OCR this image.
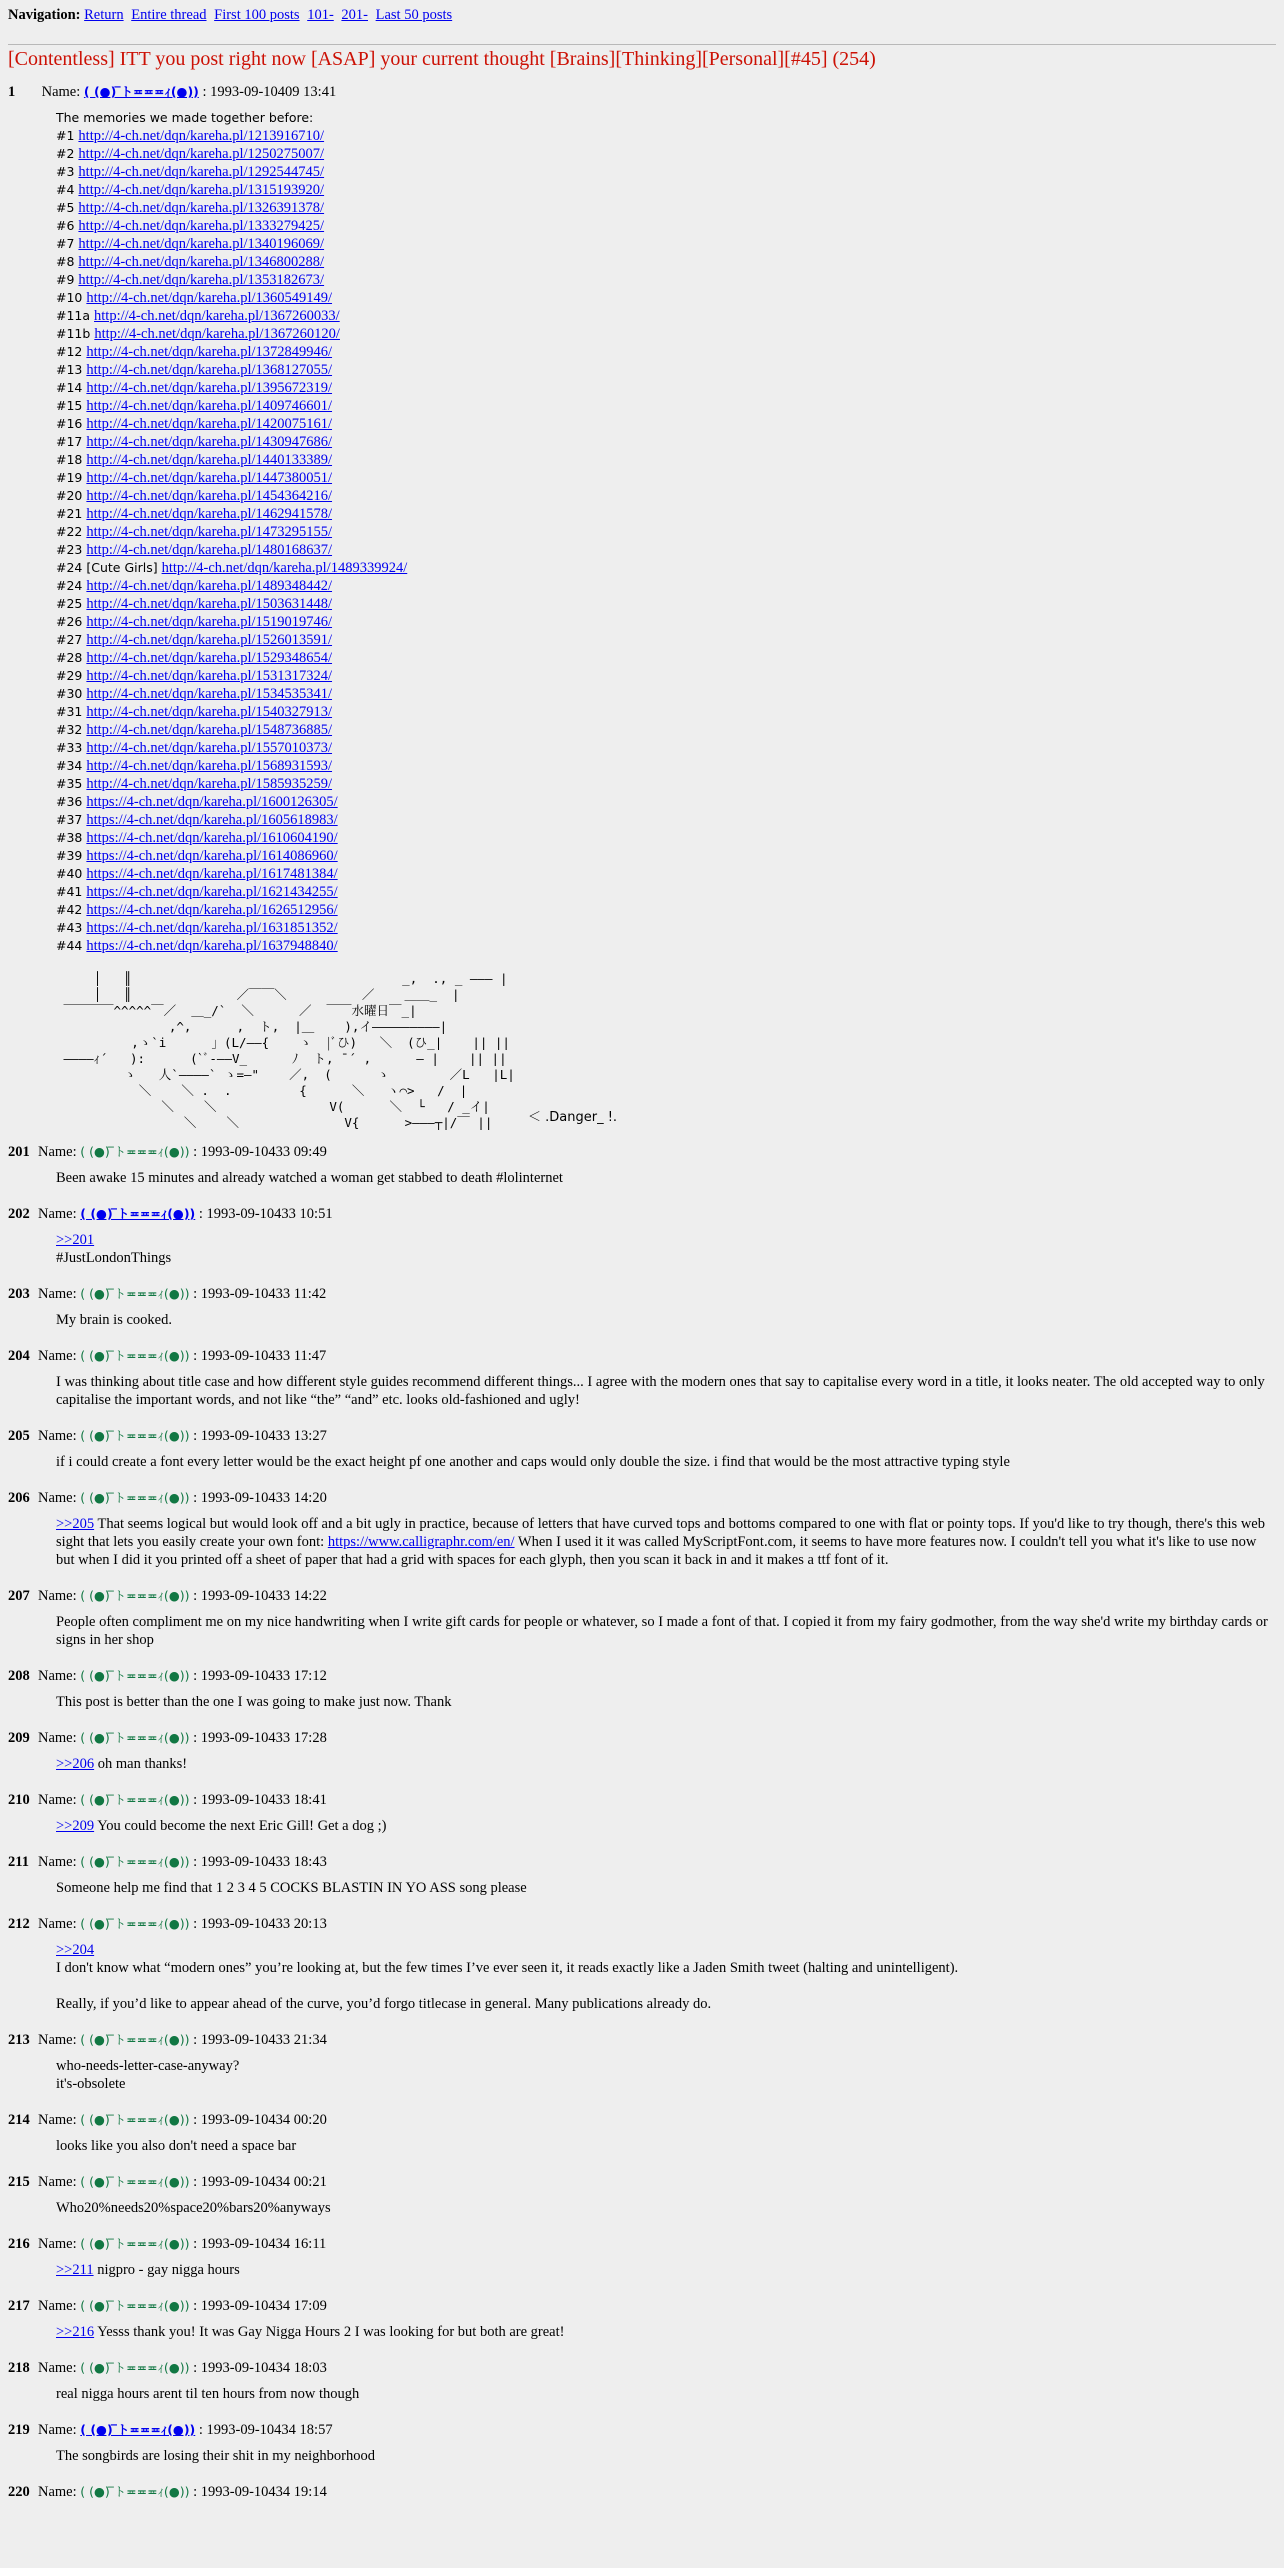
Navigation: Return Entire thread First 100 posts 101- 201- Last 50 posts
[Contentless] ITT you post right now [ASAP] your current thought [Brains][Thinking][Personal][#45] (254)
1 Name: ( (●) ̅ト≖≖≖ｨ(●)) : 1993-09-10409 13:41
The memories we made together before:
#1 http://4-ch.net/dqn/kareha.pl/1213916710/
#2 http://4-ch.net/dqn/kareha.pl/1250275007/
#3 http://4-ch.net/dqn/kareha.pl/1292544745/
#4 http://4-ch.net/dqn/kareha.pl/1315193920/
#5 http://4-ch.net/dqn/kareha.pl/1326391378/
#6 http://4-ch.net/dqn/kareha.pl/1333279425/
#7 http://4-ch.net/dqn/kareha.pl/1340196069/
#8 http://4-ch.net/dqn/kareha.pl/1346800288/
#9 http://4-ch.net/dqn/kareha.pl/1353182673/
#10 http://4-ch.net/dqn/kareha.pl/1360549149/
#11a http://4-ch.net/dqn/kareha.pl/1367260033/
#11b http://4-ch.net/dqn/kareha.pl/1367260120/
#12 http://4-ch.net/dqn/kareha.pl/1372849946/
#13 http://4-ch.net/dqn/kareha.pl/1368127055/
#14 http://4-ch.net/dqn/kareha.pl/1395672319/
#15 http://4-ch.net/dqn/kareha.pl/1409746601/
#16 http://4-ch.net/dqn/kareha.pl/1420075161/
#17 http://4-ch.net/dqn/kareha.pl/1430947686/
#18 http://4-ch.net/dqn/kareha.pl/1440133389/
#19 http://4-ch.net/dqn/kareha.pl/1447380051/
#20 http://4-ch.net/dqn/kareha.pl/1454364216/
#21 http://4-ch.net/dqn/kareha.pl/1462941578/
#22 http://4-ch.net/dqn/kareha.pl/1473295155/
#23 http://4-ch.net/dqn/kareha.pl/1480168637/
#24 [Cute Girls] http://4-ch.net/dqn/kareha.pl/1489339924/
#24 http://4-ch.net/dqn/kareha.pl/1489348442/
#25 http://4-ch.net/dqn/kareha.pl/1503631448/
#26 http://4-ch.net/dqn/kareha.pl/1519019746/
#27 http://4-ch.net/dqn/kareha.pl/1526013591/
#28 http://4-ch.net/dqn/kareha.pl/1529348654/
#29 http://4-ch.net/dqn/kareha.pl/1531317324/
#30 http://4-ch.net/dqn/kareha.pl/1534535341/
#31 http://4-ch.net/dqn/kareha.pl/1540327913/
#32 http://4-ch.net/dqn/kareha.pl/1548736885/
#33 http://4-ch.net/dqn/kareha.pl/1557010373/
#34 http://4-ch.net/dqn/kareha.pl/1568931593/
#35 http://4-ch.net/dqn/kareha.pl/1585935259/
#36 https://4-ch.net/dqn/kareha.pl/1600126305/
#37 https://4-ch.net/dqn/kareha.pl/1605618983/
#38 https://4-ch.net/dqn/kareha.pl/1610604190/
#39 https://4-ch.net/dqn/kareha.pl/1614086960/
#40 https://4-ch.net/dqn/kareha.pl/1617481384/
#41 https://4-ch.net/dqn/kareha.pl/1621434255/
#42 https://4-ch.net/dqn/kareha.pl/1626512956/
#43 https://4-ch.net/dqn/kareha.pl/1631851352/
#44 https://4-ch.net/dqn/kareha.pl/1637948840/
│   ║                                    _,  ., _ ――― |
│   ║              ／￣￣＼          ／    ＿＿_  |
￣￣￣￣^^^^^￣／  ＿_/`  ＼      ／  ￣￣水曜日￣_|
,^,      ,  ト,  |＿    ),イ―――――――――|
,ゝ`i      」(L/――{    ゝ  |ﾞひ)   ＼  (ひ_|    || ||
――――ｨ´   ):      (`ﾞ-――V_      ﾉ  ト, ¯´ ,      ― |    || ||
ゝ   人`――――` ゝ=―"    ／,  (      ゝ        ／L   |L|
＼    ＼ .  .         {      ＼   ヽ⌒>   /  |
＼    ＼               V(      ＼  └   / _イ|
＼    ＼              V{      >―――┬|/￣ ||	＜ .Danger_ !.
201 Name: ( (●) ̅ト≖≖≖ｨ(●)) : 1993-09-10433 09:49
Been awake 15 minutes and already watched a woman get stabbed to death #lolinternet
202 Name: ( (●) ̅ト≖≖≖ｨ(●)) : 1993-09-10433 10:51
>>201
#JustLondonThings
203 Name: ( (●) ̅ト≖≖≖ｨ(●)) : 1993-09-10433 11:42
My brain is cooked.
204 Name: ( (●) ̅ト≖≖≖ｨ(●)) : 1993-09-10433 11:47
I was thinking about title case and how different style guides recommend different things... I agree with the modern ones that say to capitalise every word in a title, it looks neater. The old accepted way to only capitalise the important words, and not like “the” “and” etc. looks old-fashioned and ugly!
205 Name: ( (●) ̅ト≖≖≖ｨ(●)) : 1993-09-10433 13:27
if i could create a font every letter would be the exact height pf one another and caps would only double the size. i find that would be the most attractive typing style
206 Name: ( (●) ̅ト≖≖≖ｨ(●)) : 1993-09-10433 14:20
>>205 That seems logical but would look off and a bit ugly in practice, because of letters that have curved tops and bottoms compared to one with flat or pointy tops. If you'd like to try though, there's this web sight that lets you easily create your own font: https://www.calligraphr.com/en/ When I used it it was called MyScriptFont.com, it seems to have more features now. I couldn't tell you what it's like to use now but when I did it you printed off a sheet of paper that had a grid with spaces for each glyph, then you scan it back in and it makes a ttf font of it.
207 Name: ( (●) ̅ト≖≖≖ｨ(●)) : 1993-09-10433 14:22
People often compliment me on my nice handwriting when I write gift cards for people or whatever, so I made a font of that. I copied it from my fairy godmother, from the way she'd write my birthday cards or signs in her shop
208 Name: ( (●) ̅ト≖≖≖ｨ(●)) : 1993-09-10433 17:12
This post is better than the one I was going to make just now. Thank
209 Name: ( (●) ̅ト≖≖≖ｨ(●)) : 1993-09-10433 17:28
>>206 oh man thanks!
210 Name: ( (●) ̅ト≖≖≖ｨ(●)) : 1993-09-10433 18:41
>>209 You could become the next Eric Gill! Get a dog ;)
211 Name: ( (●) ̅ト≖≖≖ｨ(●)) : 1993-09-10433 18:43
Someone help me find that 1 2 3 4 5 COCKS BLASTIN IN YO ASS song please
212 Name: ( (●) ̅ト≖≖≖ｨ(●)) : 1993-09-10433 20:13
>>204
I don't know what “modern ones” you’re looking at, but the few times I’ve ever seen it, it reads exactly like a Jaden Smith tweet (halting and unintelligent).
Really, if you’d like to appear ahead of the curve, you’d forgo titlecase in general. Many publications already do.
213 Name: ( (●) ̅ト≖≖≖ｨ(●)) : 1993-09-10433 21:34
who-needs-letter-case-anyway?
it's-obsolete
214 Name: ( (●) ̅ト≖≖≖ｨ(●)) : 1993-09-10434 00:20
looks like you also don't need a space bar
215 Name: ( (●) ̅ト≖≖≖ｨ(●)) : 1993-09-10434 00:21
Who20%needs20%space20%bars20%anyways
216 Name: ( (●) ̅ト≖≖≖ｨ(●)) : 1993-09-10434 16:11
>>211 nigpro - gay nigga hours
217 Name: ( (●) ̅ト≖≖≖ｨ(●)) : 1993-09-10434 17:09
>>216 Yesss thank you! It was Gay Nigga Hours 2 I was looking for but both are great!
218 Name: ( (●) ̅ト≖≖≖ｨ(●)) : 1993-09-10434 18:03
real nigga hours arent til ten hours from now though
219 Name: ( (●) ̅ト≖≖≖ｨ(●)) : 1993-09-10434 18:57
The songbirds are losing their shit in my neighborhood
220 Name: ( (●) ̅ト≖≖≖ｨ(●)) : 1993-09-10434 19:14
